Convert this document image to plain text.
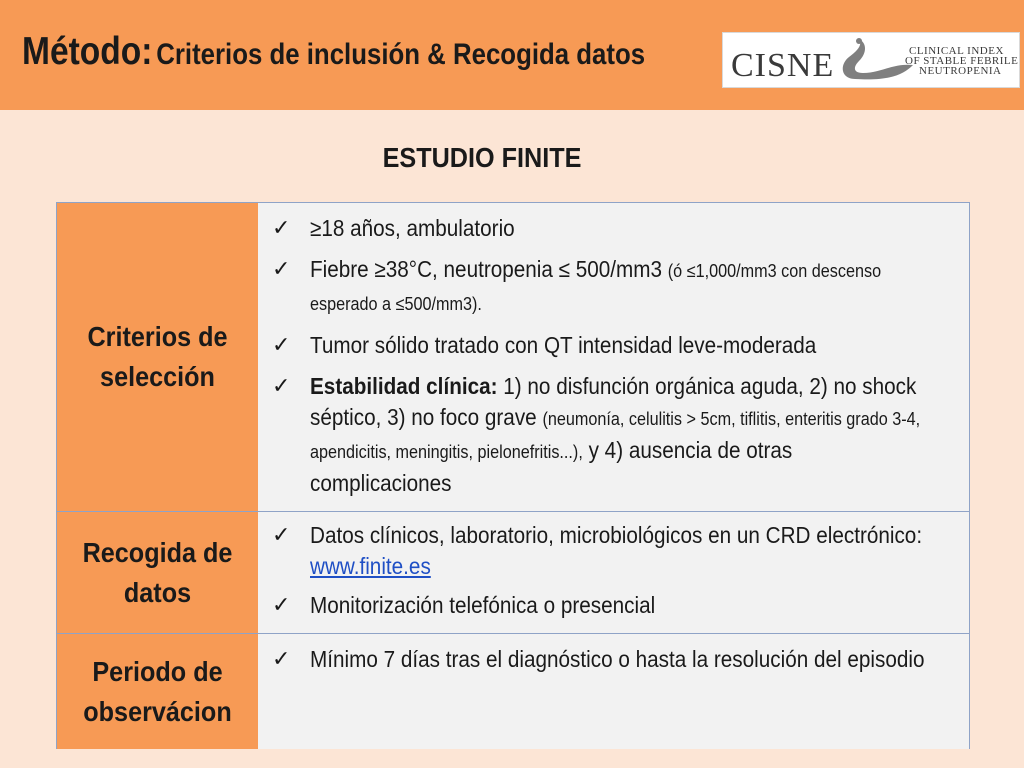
Método: Criterios de inclusión & Recogida datos	CISNE	CLINICAL INDEX
OF STABLE FEBRILE
NEUTROPENIA
ESTUDIO FINITE
Criterios de selección
✓ ≥18 años, ambulatorio
✓ Fiebre ≥38°C, neutropenia ≤ 500/mm3 (ó ≤1,000/mm3 con descenso esperado a ≤500/mm3).
✓ Tumor sólido tratado con QT intensidad leve-moderada
✓ Estabilidad clínica: 1) no disfunción orgánica aguda, 2) no shock séptico, 3) no foco grave (neumonía, celulitis > 5cm, tiflitis, enteritis grado 3-4, apendicitis, meningitis, pielonefritis...), y 4) ausencia de otras complicaciones
Recogida de datos
✓ Datos clínicos, laboratorio, microbiológicos en un CRD electrónico:  www.finite.es
✓ Monitorización telefónica o presencial
Periodo de observácion
✓ Mínimo 7 días tras el diagnóstico o hasta la resolución del episodio
